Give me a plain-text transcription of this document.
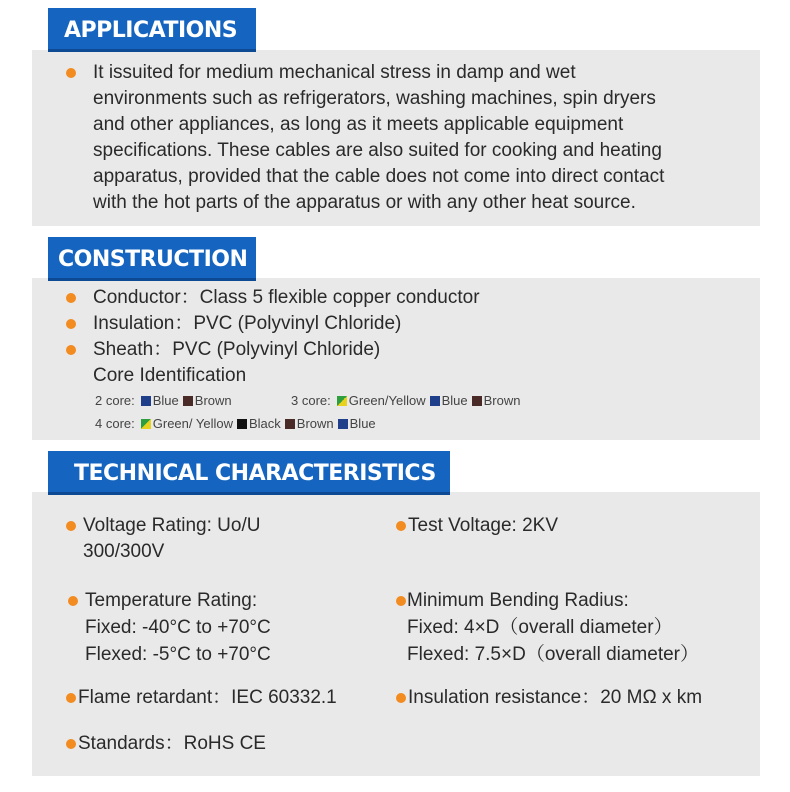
APPLICATIONS
It issuited for medium mechanical stress in damp and wet
environments such as refrigerators, washing machines, spin dryers
and other appliances, as long as it meets applicable equipment
specifications. These cables are also suited for cooking and heating
apparatus, provided that the cable does not come into direct contact
with the hot parts of the apparatus or with any other heat source.
CONSTRUCTION
Conductor：Class 5 flexible copper conductor
Insulation：PVC (Polyvinyl Chloride)
Sheath：PVC (Polyvinyl Chloride)
Core Identification
2 core: Blue Brown	3 core: Green/Yellow Blue Brown
4 core: Green/ Yellow Black Brown Blue
TECHNICAL CHARACTERISTICS
Voltage Rating: Uo/U
300/300V
Test Voltage: 2KV
Temperature Rating:
Fixed: -40°C to +70°C
Flexed: -5°C to +70°C
Minimum Bending Radius:
Fixed: 4×D（overall diameter）
Flexed: 7.5×D（overall diameter）
Flame retardant：IEC 60332.1	Insulation resistance：20 MΩ x km
Standards：RoHS CE
